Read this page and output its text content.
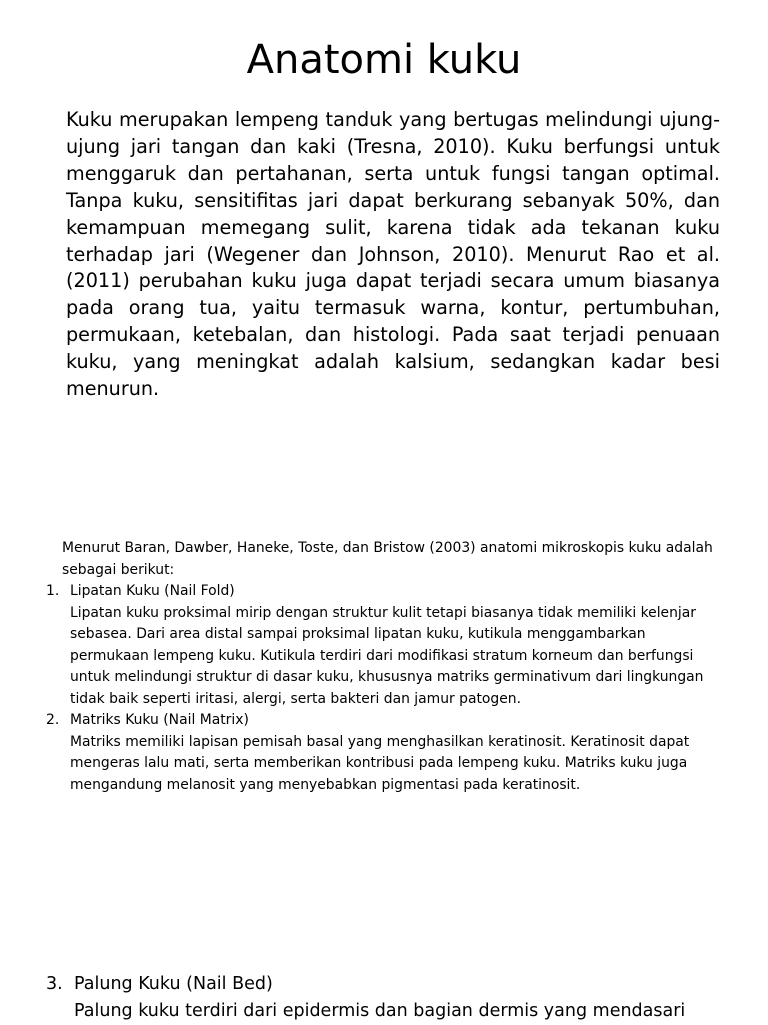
Anatomi kuku

Kuku merupakan lempeng tanduk yang bertugas melindungi ujung-ujung jari tangan dan kaki (Tresna, 2010). Kuku berfungsi untuk menggaruk dan pertahanan, serta untuk fungsi tangan optimal. Tanpa kuku, sensitifitas jari dapat berkurang sebanyak 50%, dan kemampuan memegang sulit, karena tidak ada tekanan kuku terhadap jari (Wegener dan Johnson, 2010). Menurut Rao et al. (2011) perubahan kuku juga dapat terjadi secara umum biasanya pada orang tua, yaitu termasuk warna, kontur, pertumbuhan, permukaan, ketebalan, dan histologi. Pada saat terjadi penuaan kuku, yang meningkat adalah kalsium, sedangkan kadar besi menurun.

Menurut Baran, Dawber, Haneke, Toste, dan Bristow (2003) anatomi mikroskopis kuku adalah sebagai berikut:

1. Lipatan Kuku (Nail Fold)

Lipatan kuku proksimal mirip dengan struktur kulit tetapi biasanya tidak memiliki kelenjar sebasea. Dari area distal sampai proksimal lipatan kuku, kutikula menggambarkan permukaan lempeng kuku. Kutikula terdiri dari modifikasi stratum korneum dan berfungsi untuk melindungi struktur di dasar kuku, khususnya matriks germinativum dari lingkungan tidak baik seperti iritasi, alergi, serta bakteri dan jamur patogen.

2. Matriks Kuku (Nail Matrix)

Matriks memiliki lapisan pemisah basal yang menghasilkan keratinosit. Keratinosit dapat mengeras lalu mati, serta memberikan kontribusi pada lempeng kuku. Matriks kuku juga mengandung melanosit yang menyebabkan pigmentasi pada keratinosit.

3. Palung Kuku (Nail Bed)

Palung kuku terdiri dari epidermis dan bagian dermis yang mendasari
